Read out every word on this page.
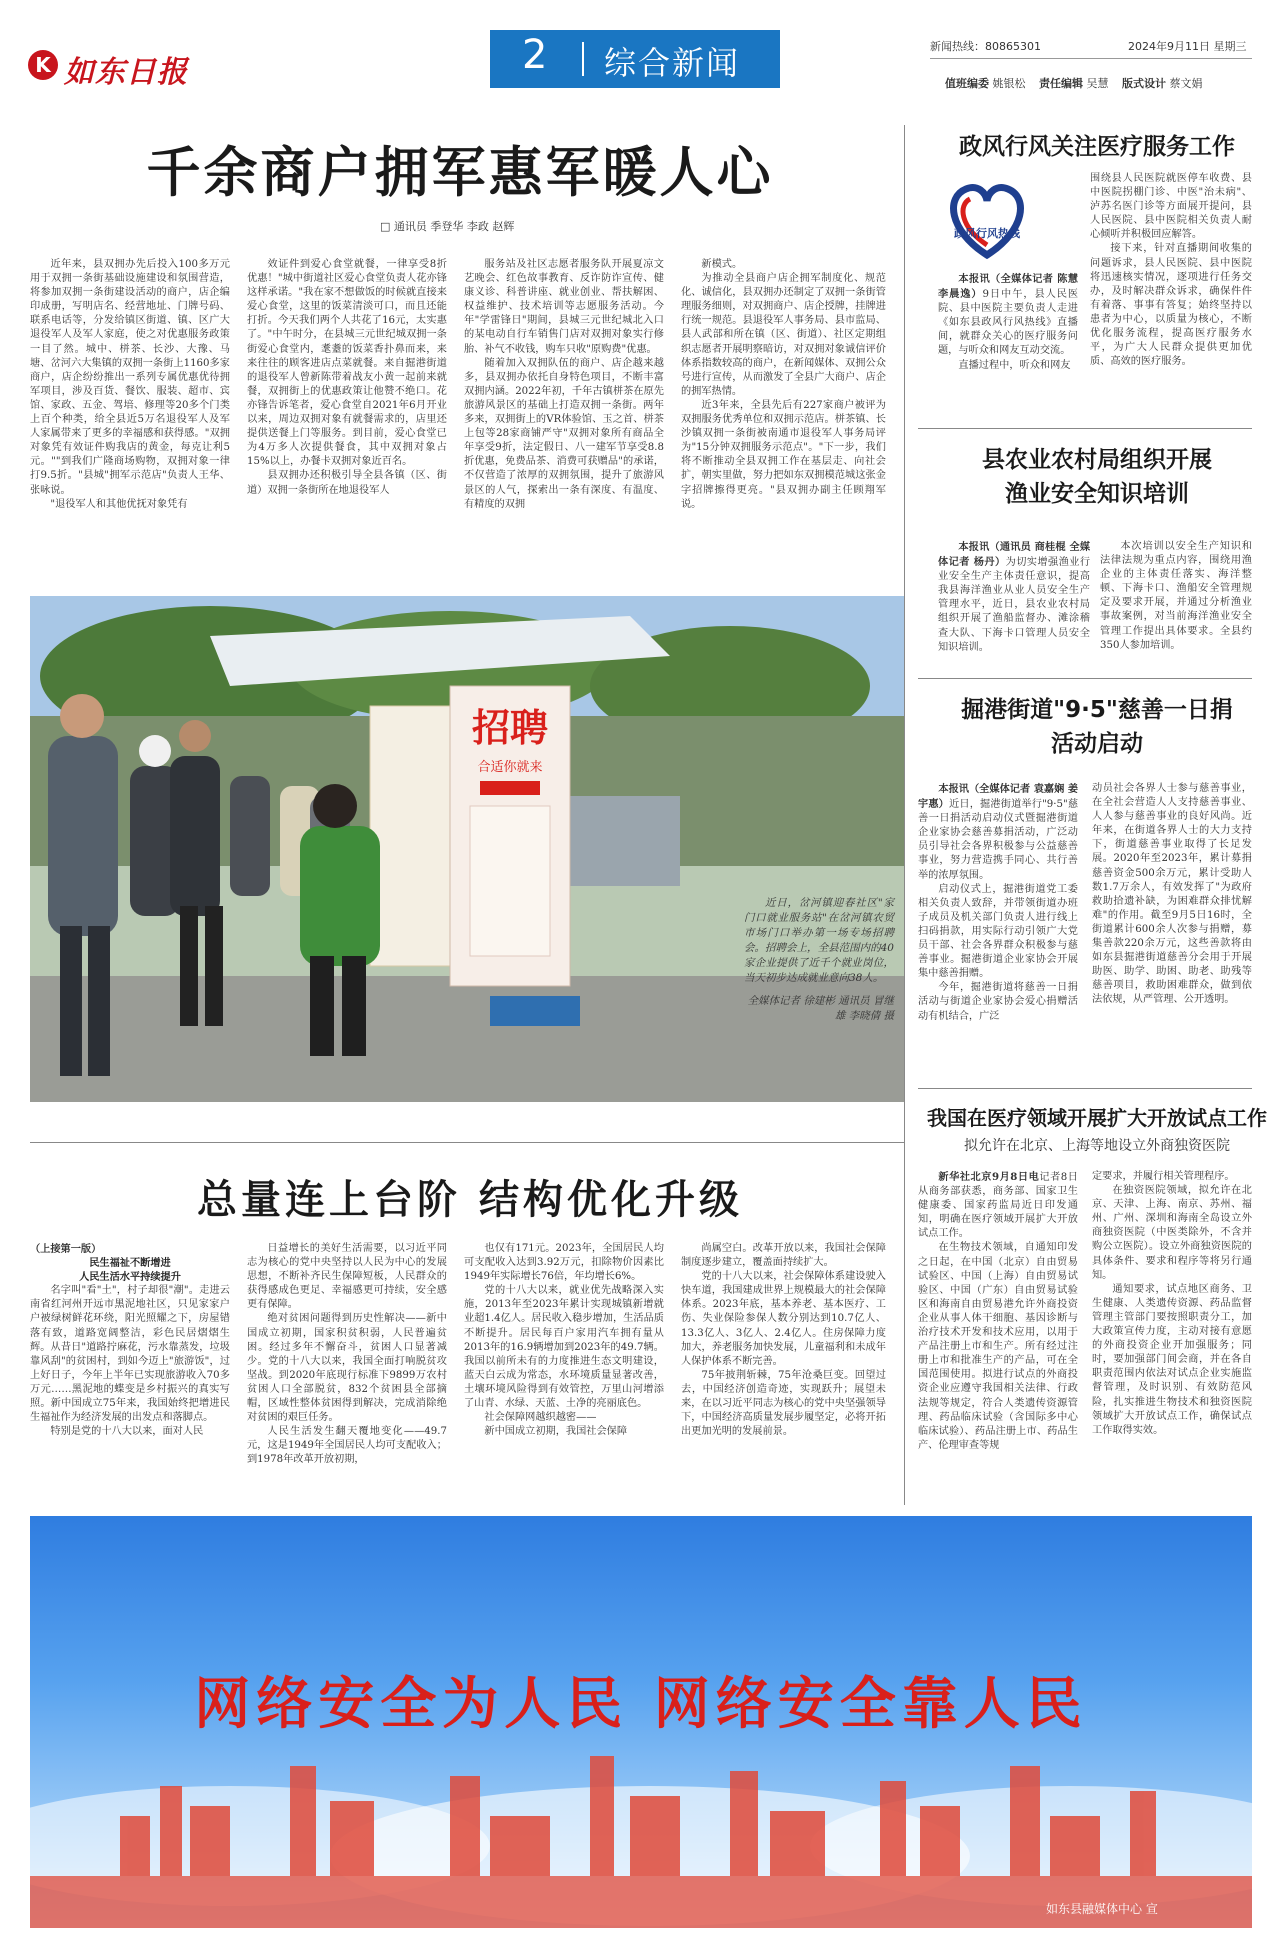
K 如东日报	2 综合新闻	新闻热线：80865301	2024年9月11日 星期三
值班编委 姚银松 责任编辑 吴慧 版式设计 蔡文娟
千余商户拥军惠军暖人心
□ 通讯员 季登华 李政 赵辉

近年来，县双拥办先后投入100多万元用于双拥一条街基础设施建设和氛围营造，将参加双拥一条街建设活动的商户，店企编印成册，写明店名、经营地址、门牌号码、联系电话等，分发给镇区街道、镇、区广大退役军人及军人家庭，使之对优惠服务政策一目了然。城中、栟茶、长沙、大豫、马塘、岔河六大集镇的双拥一条街上1160多家商户，店企纷纷推出一系列专属优惠优待拥军项目，涉及百货、餐饮、服装、超市、宾馆、家政、五金、驾培、修理等20多个门类上百个种类，给全县近5万名退役军人及军人家属带来了更多的幸福感和获得感。"双拥对象凭有效证件购我店的黄金，每克让利5元。""到我们广隆商场购物，双拥对象一律打9.5折。"县城"拥军示范店"负责人王华、张咏说。

"退役军人和其他优抚对象凭有

效证件到爱心食堂就餐，一律享受8折优惠！"城中街道社区爱心食堂负责人花亦锋这样承诺。"我在家不想做饭的时候就直接来爱心食堂，这里的饭菜清淡可口，而且还能打折。今天我们两个人共花了16元，太实惠了。"中午时分，在县城三元世纪城双拥一条街爱心食堂内，耄耋的饭菜香扑鼻而来，来来往往的顾客进店点菜就餐。来自掘港街道的退役军人曾新陈带着战友小黄一起前来就餐，双拥街上的优惠政策让他赞不绝口。花亦锋告诉笔者，爱心食堂自2021年6月开业以来，周边双拥对象有就餐需求的，店里还提供送餐上门等服务。到目前，爱心食堂已为4万多人次提供餐食，其中双拥对象占15%以上，办餐卡双拥对象近百名。

县双拥办还积极引导全县各镇（区、街道）双拥一条街所在地退役军人

服务站及社区志愿者服务队开展夏凉文艺晚会、红色故事教育、反诈防诈宣传、健康义诊、科普讲座、就业创业、帮扶解困、权益维护、技术培训等志愿服务活动。今年"学雷锋日"期间，县城三元世纪城北入口的某电动自行车销售门店对双拥对象实行修胎、补气不收钱，购车只收"原购费"优惠。

随着加入双拥队伍的商户、店企越来越多，县双拥办依托自身特色项目，不断丰富双拥内涵。2022年初，千年古镇栟茶在原先旅游风景区的基础上打造双拥一条街。两年多来，双拥街上的VR体验馆、玉之首、栟茶上包等28家商铺严守"双拥对象所有商品全年享受9折，法定假日、八一建军节享受8.8折优惠，免费品茶、消费可获赠品"的承诺，不仅营造了浓厚的双拥氛围，提升了旅游风景区的人气，探索出一条有深度、有温度、有精度的双拥

新模式。

为推动全县商户店企拥军制度化、规范化、诚信化，县双拥办还制定了双拥一条街管理服务细则，对双拥商户、店企授牌，挂牌进行统一规范。县退役军人事务局、县市监局、县人武部和所在镇（区、街道）、社区定期组织志愿者开展明察暗访，对双拥对象诚信评价体系指数较高的商户，在新闻媒体、双拥公众号进行宣传，从而激发了全县广大商户、店企的拥军热情。

近3年来，全县先后有227家商户被评为双拥服务优秀单位和双拥示范店。栟茶镇、长沙镇双拥一条街被南通市退役军人事务局评为"15分钟双拥服务示范点"。"下一步，我们将不断推动全县双拥工作在基层走、向社会扩，朝实里做，努力把如东双拥模范城这张金字招牌擦得更亮。"县双拥办副主任顾翔军说。

招聘
合适你就来

近日，岔河镇迎春社区"家门口就业服务站"在岔河镇农贸市场门口举办第一场专场招聘会。招聘会上，全县范围内的40家企业提供了近千个就业岗位，当天初步达成就业意向38人。

全媒体记者 徐建彬 通讯员 冒继雄 李晓倩 摄

总量连上台阶 结构优化升级

（上接第一版）

民生福祉不断增进
人民生活水平持续提升

名字叫"看"土"，村子却很"潮"。走进云南省红河州开远市黑泥地社区，只见家家户户被绿树鲜花环绕，阳光照耀之下，房屋错落有致，道路宽阔整洁，彩色民居熠熠生辉。从昔日"道路拧麻花，污水靠蒸发，垃圾靠风刮"的贫困村，到如今迈上"旅游饭"，过上好日子，今年上半年已实现旅游收入70多万元……黑泥地的蝶变是乡村振兴的真实写照。新中国成立75年来，我国始终把增进民生福祉作为经济发展的出发点和落脚点。

特别是党的十八大以来，面对人民

日益增长的美好生活需要，以习近平同志为核心的党中央坚持以人民为中心的发展思想，不断补齐民生保障短板，人民群众的获得感成色更足、幸福感更可持续，安全感更有保障。

绝对贫困问题得到历史性解决——新中国成立初期，国家积贫积弱，人民普遍贫困。经过多年不懈奋斗，贫困人口显著减少。党的十八大以来，我国全面打响脱贫攻坚战。到2020年底现行标准下9899万农村贫困人口全部脱贫，832个贫困县全部摘帽，区域性整体贫困得到解决，完成消除绝对贫困的艰巨任务。

人民生活发生翻天覆地变化——49.7元，这是1949年全国居民人均可支配收入；到1978年改革开放初期，

也仅有171元。2023年，全国居民人均可支配收入达到3.92万元，扣除物价因素比1949年实际增长76倍，年均增长6%。

党的十八大以来，就业优先战略深入实施，2013年至2023年累计实现城镇新增就业超1.4亿人。居民收入稳步增加，生活品质不断提升。居民每百户家用汽车拥有量从2013年的16.9辆增加到2023年的49.7辆。我国以前所未有的力度推进生态文明建设，蓝天白云成为常态，水环境质量显著改善，土壤环境风险得到有效管控，万里山河增添了山青、水绿、天蓝、土净的亮丽底色。

社会保障网越织越密——

新中国成立初期，我国社会保障

尚属空白。改革开放以来，我国社会保障制度逐步建立，覆盖面持续扩大。

党的十八大以来，社会保障体系建设驶入快车道，我国建成世界上规模最大的社会保障体系。2023年底，基本养老、基本医疗、工伤、失业保险参保人数分别达到10.7亿人、13.3亿人、3亿人、2.4亿人。住房保障力度加大，养老服务加快发展，儿童福利和未成年人保护体系不断完善。

75年披荆斩棘，75年沧桑巨变。回望过去，中国经济创造奇迹，实现跃升；展望未来，在以习近平同志为核心的党中央坚强领导下，中国经济高质量发展步履坚定，必将开拓出更加光明的发展前景。

政风行风关注医疗服务工作
政风行风热线

本报讯（全媒体记者 陈慧 李晨逸）9日中午，县人民医院、县中医院主要负责人走进《如东县政风行风热线》直播间，就群众关心的医疗服务问题，与听众和网友互动交流。

直播过程中，听众和网友

围绕县人民医院就医停车收费、县中医院拐棚门诊、中医"治未病"、泸苏名医门诊等方面展开提问，县人民医院、县中医院相关负责人耐心倾听并积极回应解答。

接下来，针对直播期间收集的问题诉求，县人民医院、县中医院将迅速核实情况，逐项进行任务交办，及时解决群众诉求，确保件件有着落、事事有答复；始终坚持以患者为中心，以质量为核心，不断优化服务流程，提高医疗服务水平，为广大人民群众提供更加优质、高效的医疗服务。

县农业农村局组织开展
渔业安全知识培训

本报讯（通讯员 商桂棍 全媒体记者 杨丹）为切实增强渔业行业安全生产主体责任意识，提高我县海洋渔业从业人员安全生产管理水平，近日，县农业农村局组织开展了渔船监督办、滩涂稽查大队、下海卡口管理人员安全知识培训。

本次培训以安全生产知识和法律法规为重点内容，围绕用渔企业的主体责任落实、海洋整顿、下海卡口、渔船安全管理规定及要求开展，并通过分析渔业事故案例，对当前海洋渔业安全管理工作提出具体要求。全县约350人参加培训。

掘港街道"9·5"慈善一日捐
活动启动

本报讯（全媒体记者 袁嘉娴 姜宇惠）近日，掘港街道举行"9·5"慈善一日捐活动启动仪式暨掘港街道企业家协会慈善募捐活动，广泛动员引导社会各界积极参与公益慈善事业，努力营造携手同心、共行善举的浓厚氛围。

启动仪式上，掘港街道党工委相关负责人致辞，并带领街道办班子成员及机关部门负责人进行线上扫码捐款，用实际行动引领广大党员干部、社会各界群众积极参与慈善事业。掘港街道企业家协会开展集中慈善捐赠。

今年，掘港街道将慈善一日捐活动与街道企业家协会爱心捐赠活动有机结合，广泛

动员社会各界人士参与慈善事业，在全社会营造人人支持慈善事业、人人参与慈善事业的良好风尚。近年来，在街道各界人士的大力支持下，街道慈善事业取得了长足发展。2020年至2023年，累计募捐慈善资金500余万元，累计受助人数1.7万余人，有效发挥了"为政府救助拾遗补缺，为困难群众排忧解难"的作用。截至9月5日16时，全街道累计600余人次参与捐赠，募集善款220余万元，这些善款将由如东县掘港街道慈善分会用于开展助医、助学、助困、助老、助残等慈善项目，救助困难群众，做到依法依规，从严管理、公开透明。

我国在医疗领域开展扩大开放试点工作
拟允许在北京、上海等地设立外商独资医院

新华社北京9月8日电记者8日从商务部获悉，商务部、国家卫生健康委、国家药监局近日印发通知，明确在医疗领域开展扩大开放试点工作。

在生物技术领域，自通知印发之日起，在中国（北京）自由贸易试验区、中国（上海）自由贸易试验区、中国（广东）自由贸易试验区和海南自由贸易港允许外商投资企业从事人体干细胞、基因诊断与治疗技术开发和技术应用，以用于产品注册上市和生产。所有经过注册上市和批准生产的产品，可在全国范围使用。拟进行试点的外商投资企业应遵守我国相关法律、行政法规等规定，符合人类遗传资源管理、药品临床试验（含国际多中心临床试验）、药品注册上市、药品生产、伦理审查等规

定要求，并履行相关管理程序。

在独资医院领域，拟允许在北京、天津、上海、南京、苏州、福州、广州、深圳和海南全岛设立外商独资医院（中医类除外，不含并购公立医院）。设立外商独资医院的具体条件、要求和程序等将另行通知。

通知要求，试点地区商务、卫生健康、人类遗传资源、药品监督管理主管部门要按照职责分工，加大政策宣传力度，主动对接有意愿的外商投资企业开加强服务；同时，要加强部门间会商，并在各自职责范围内依法对试点企业实施监督管理，及时识别、有效防范风险，扎实推进生物技术和独资医院领域扩大开放试点工作，确保试点工作取得实效。

网络安全为人民 网络安全靠人民
如东县融媒体中心 宣
